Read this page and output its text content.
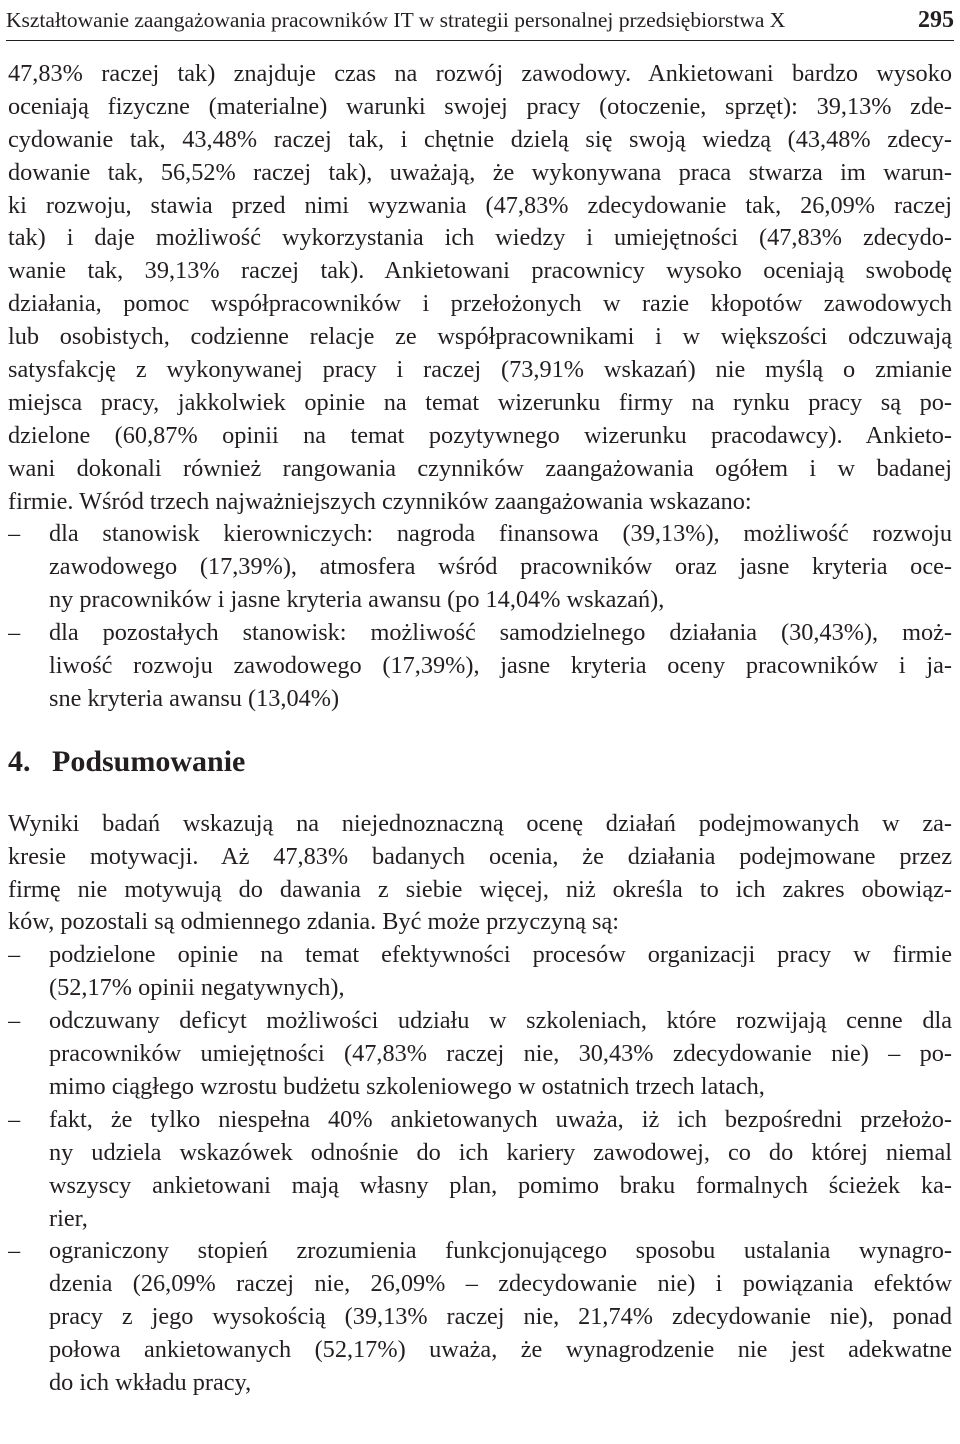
Kształtowanie zaangażowania pracowników IT w strategii personalnej przedsiębiorstwa X	295
47,83% raczej tak) znajduje czas na rozwój zawodowy. Ankietowani bardzo wysoko
oceniają fizyczne (materialne) warunki swojej pracy (otoczenie, sprzęt): 39,13% zde-
cydowanie tak, 43,48% raczej tak, i chętnie dzielą się swoją wiedzą (43,48% zdecy-
dowanie tak, 56,52% raczej tak), uważają, że wykonywana praca stwarza im warun-
ki rozwoju, stawia przed nimi wyzwania (47,83% zdecydowanie tak, 26,09% raczej
tak) i daje możliwość wykorzystania ich wiedzy i umiejętności (47,83% zdecydo-
wanie tak, 39,13% raczej tak). Ankietowani pracownicy wysoko oceniają swobodę
działania, pomoc współpracowników i przełożonych w razie kłopotów zawodowych
lub osobistych, codzienne relacje ze współpracownikami i w większości odczuwają
satysfakcję z wykonywanej pracy i raczej (73,91% wskazań) nie myślą o zmianie
miejsca pracy, jakkolwiek opinie na temat wizerunku firmy na rynku pracy są po-
dzielone (60,87% opinii na temat pozytywnego wizerunku pracodawcy). Ankieto-
wani dokonali również rangowania czynników zaangażowania ogółem i w badanej
firmie. Wśród trzech najważniejszych czynników zaangażowania wskazano:
–	dla stanowisk kierowniczych: nagroda finansowa (39,13%), możliwość rozwoju
zawodowego (17,39%), atmosfera wśród pracowników oraz jasne kryteria oce-
ny pracowników i jasne kryteria awansu (po 14,04% wskazań),
–	dla pozostałych stanowisk: możliwość samodzielnego działania (30,43%), moż-
liwość rozwoju zawodowego (17,39%), jasne kryteria oceny pracowników i ja-
sne kryteria awansu (13,04%)
4. Podsumowanie
Wyniki badań wskazują na niejednoznaczną ocenę działań podejmowanych w za-
kresie motywacji. Aż 47,83% badanych ocenia, że działania podejmowane przez
firmę nie motywują do dawania z siebie więcej, niż określa to ich zakres obowiąz-
ków, pozostali są odmiennego zdania. Być może przyczyną są:
–	podzielone opinie na temat efektywności procesów organizacji pracy w firmie
(52,17% opinii negatywnych),
–	odczuwany deficyt możliwości udziału w szkoleniach, które rozwijają cenne dla
pracowników umiejętności (47,83% raczej nie, 30,43% zdecydowanie nie) – po-
mimo ciągłego wzrostu budżetu szkoleniowego w ostatnich trzech latach,
–	fakt, że tylko niespełna 40% ankietowanych uważa, iż ich bezpośredni przełożo-
ny udziela wskazówek odnośnie do ich kariery zawodowej, co do której niemal
wszyscy ankietowani mają własny plan, pomimo braku formalnych ścieżek ka-
rier,
–	ograniczony stopień zrozumienia funkcjonującego sposobu ustalania wynagro-
dzenia (26,09% raczej nie, 26,09% – zdecydowanie nie) i powiązania efektów
pracy z jego wysokością (39,13% raczej nie, 21,74% zdecydowanie nie), ponad
połowa ankietowanych (52,17%) uważa, że wynagrodzenie nie jest adekwatne
do ich wkładu pracy,
